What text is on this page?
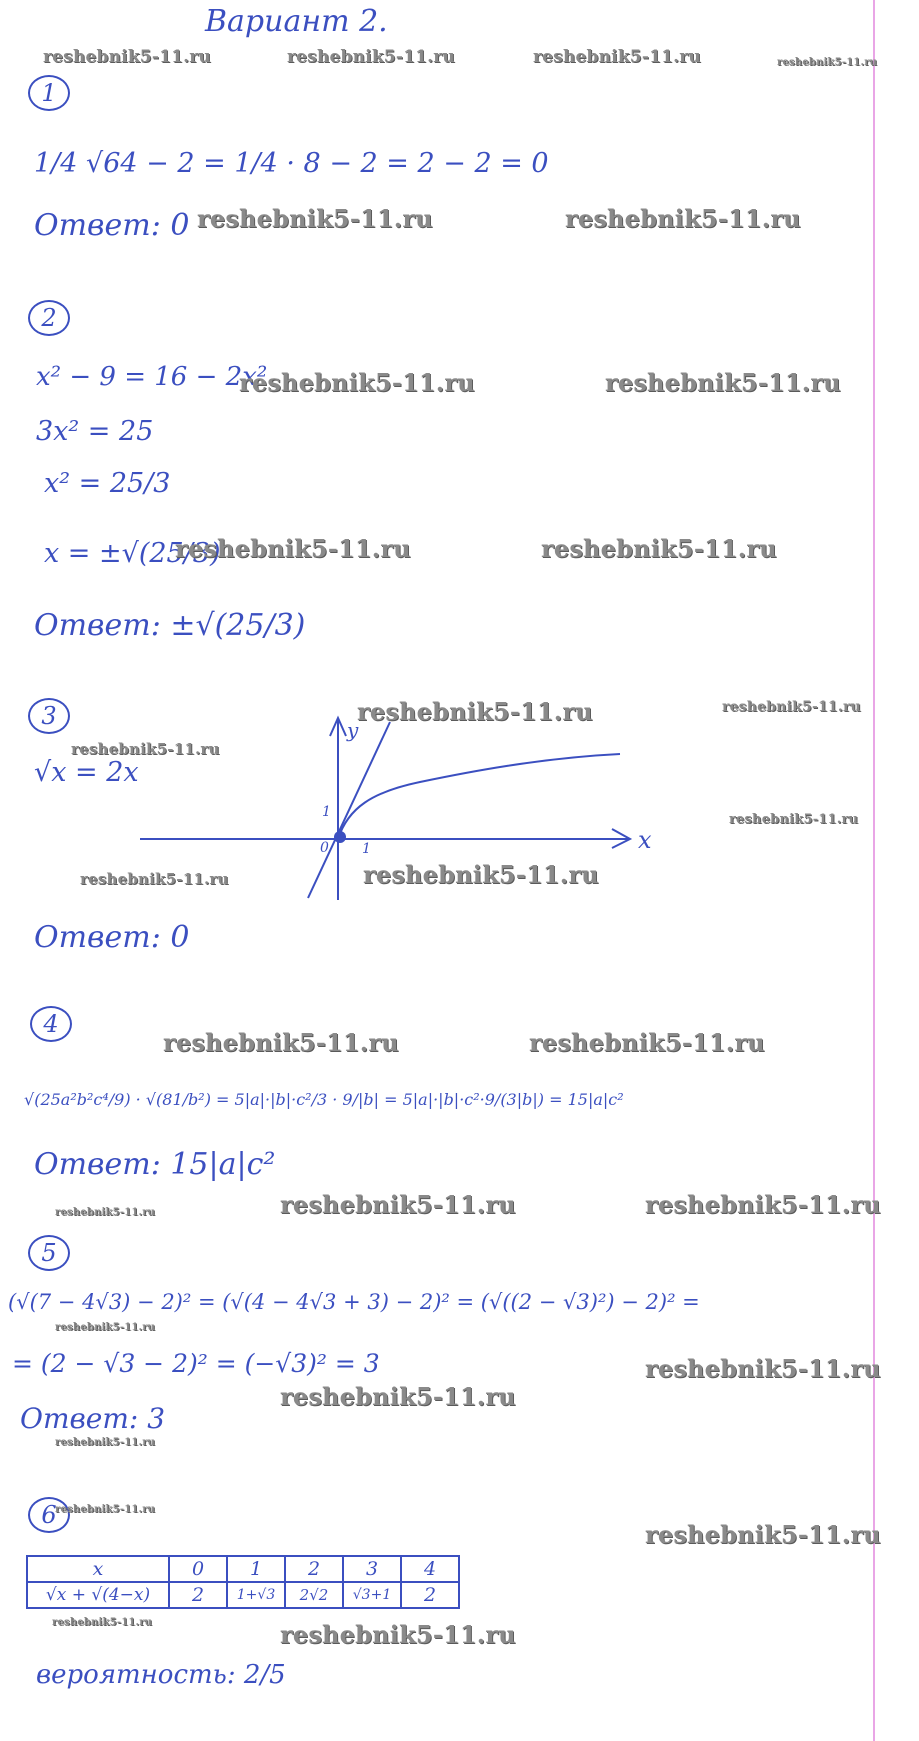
Вариант 2.
reshebnik5-11.ru	reshebnik5-11.ru	reshebnik5-11.ru	reshebnik5-11.ru
1
1/4 √64 − 2 = 1/4 · 8 − 2 = 2 − 2 = 0
Ответ: 0 reshebnik5-11.ru	reshebnik5-11.ru
2
x² − 9 = 16 − 2x²
reshebnik5-11.ru	reshebnik5-11.ru
3x² = 25
x² = 25/3
x = ±√(25/3)
reshebnik5-11.ru	reshebnik5-11.ru
Ответ: ±√(25/3)
3
√x = 2x
reshebnik5-11.ru
reshebnik5-11.ru	reshebnik5-11.ru
reshebnik5-11.ru
reshebnik5-11.ru	reshebnik5-11.ru
x
y
0 1
1
Ответ: 0
4
reshebnik5-11.ru	reshebnik5-11.ru
√(25a²b²c⁴/9) · √(81/b²) = 5|a|·|b|·c²/3 · 9/|b| = 5|a|·|b|·c²·9/(3|b|) = 15|a|c²
Ответ: 15|a|c²
reshebnik5-11.ru	reshebnik5-11.ru	reshebnik5-11.ru
5
(√(7 − 4√3) − 2)² = (√(4 − 4√3 + 3) − 2)² = (√((2 − √3)²) − 2)² =
reshebnik5-11.ru
= (2 − √3 − 2)² = (−√3)² = 3	reshebnik5-11.ru
reshebnik5-11.ru
Ответ: 3
reshebnik5-11.ru
6
reshebnik5-11.ru
reshebnik5-11.ru
x	0	1	2	3	4
√x + √(4−x)	2	1+√3	2√2	√3+1	2
reshebnik5-11.ru	reshebnik5-11.ru
вероятность: 2/5
